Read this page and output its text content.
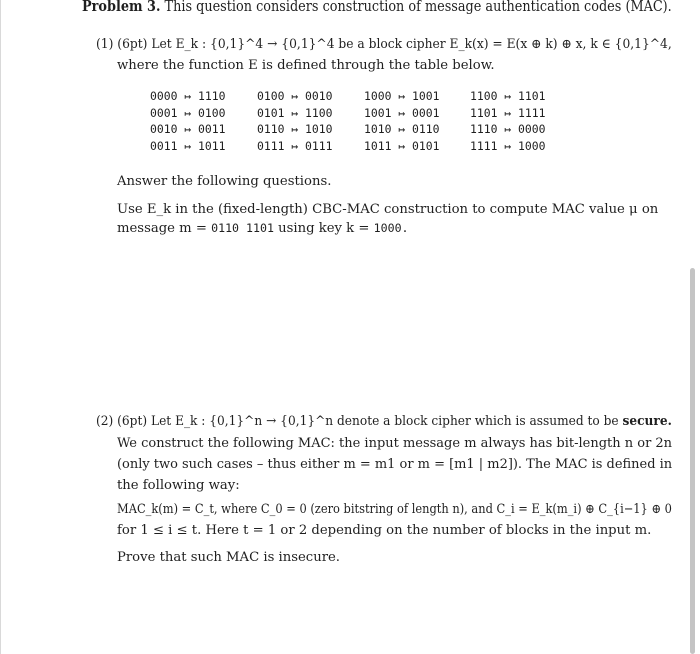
Problem 3. This question considers construction of message authentication codes (MAC).
(1) (6pt) Let E_k : {0,1}^4 → {0,1}^4 be a block cipher E_k(x) = E(x ⊕ k) ⊕ x, k ∈ {0,1}^4,
where the function E is defined through the table below.
0000 ↦ 1110
0001 ↦ 0100
0010 ↦ 0011
0011 ↦ 1011
0100 ↦ 0010
0101 ↦ 1100
0110 ↦ 1010
0111 ↦ 0111
1000 ↦ 1001
1001 ↦ 0001
1010 ↦ 0110
1011 ↦ 0101
1100 ↦ 1101
1101 ↦ 1111
1110 ↦ 0000
1111 ↦ 1000
Answer the following questions.
Use E_k in the (fixed-length) CBC-MAC construction to compute MAC value μ on
message m = 0110 1101 using key k = 1000.
(2) (6pt) Let E_k : {0,1}^n → {0,1}^n denote a block cipher which is assumed to be secure.
We construct the following MAC: the input message m always has bit-length n or 2n
(only two such cases – thus either m = m1 or m = [m1 | m2]). The MAC is defined in
the following way:
MAC_k(m) = C_t, where C_0 = 0 (zero bitstring of length n), and C_i = E_k(m_i) ⊕ C_{i−1} ⊕ 0
for 1 ≤ i ≤ t. Here t = 1 or 2 depending on the number of blocks in the input m.
Prove that such MAC is insecure.
